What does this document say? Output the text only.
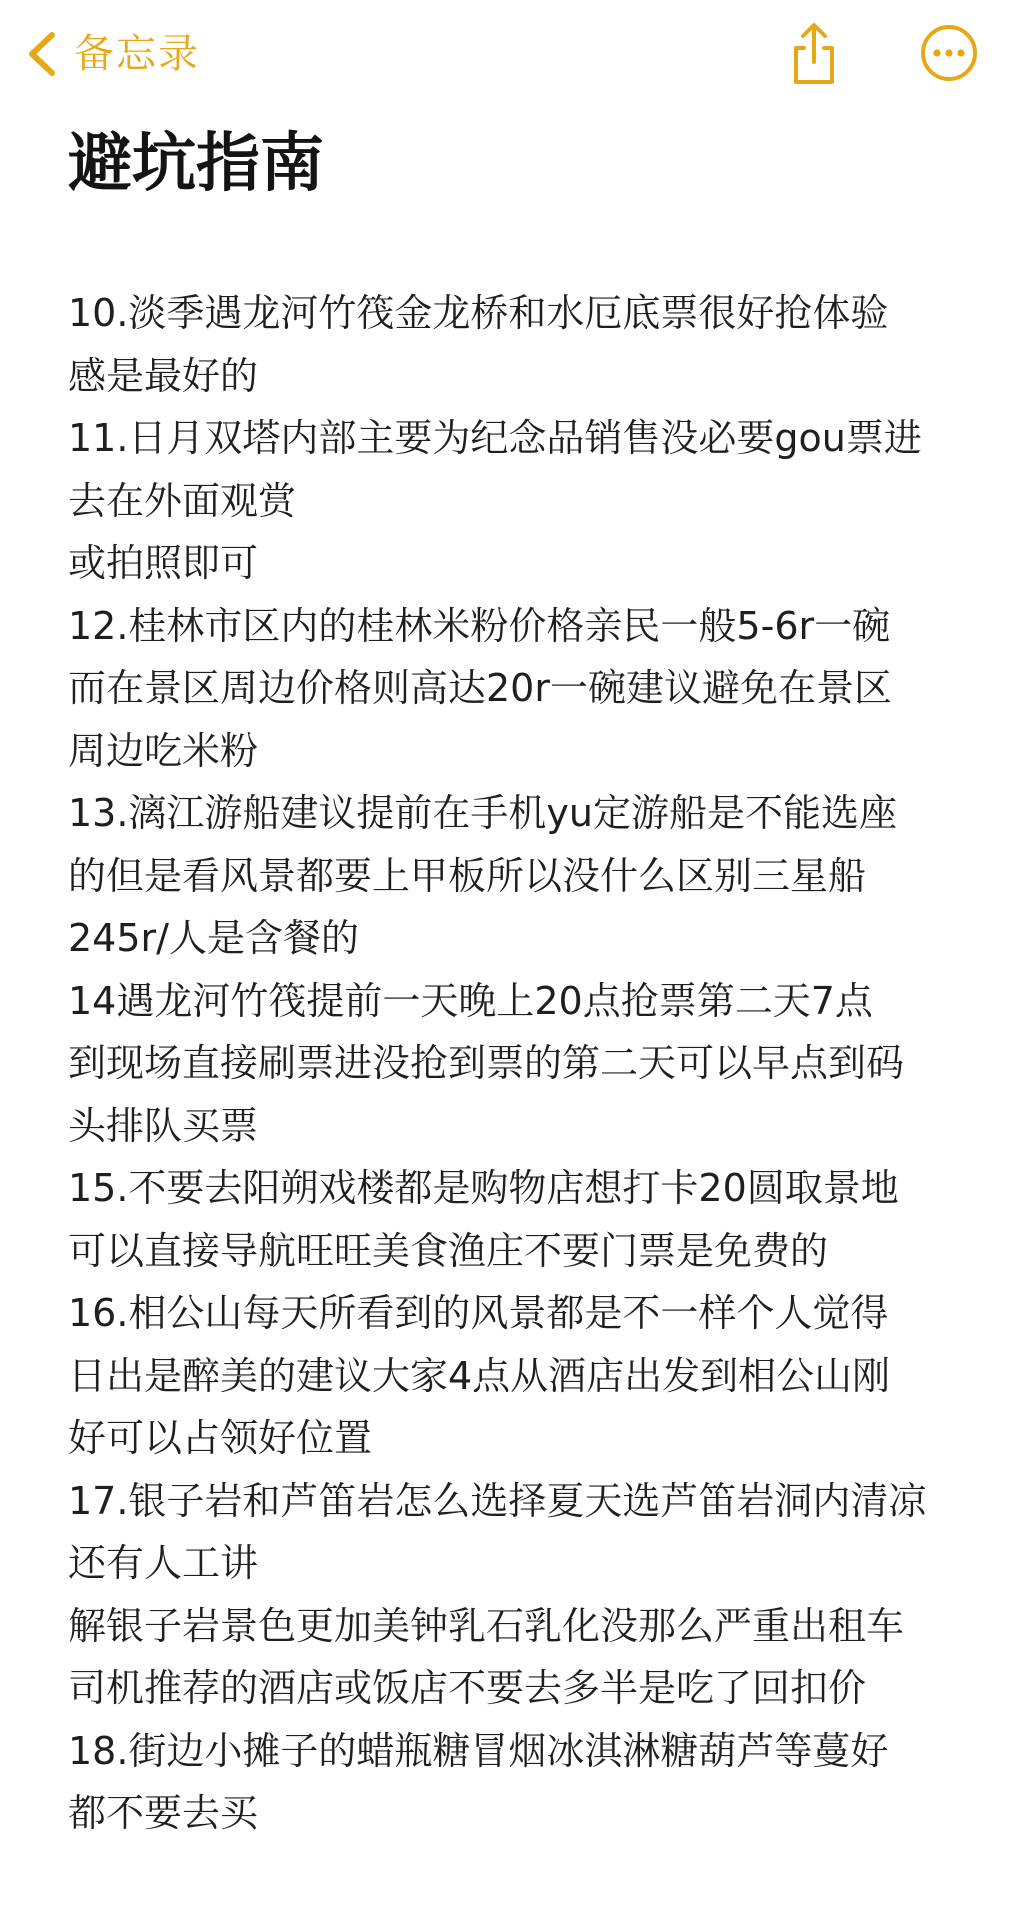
备忘录
避坑指南
10.淡季遇龙河竹筏金龙桥和水厄底票很好抢体验
感是最好的
11.日月双塔内部主要为纪念品销售没必要gou票进
去在外面观赏
或拍照即可
12.桂林市区内的桂林米粉价格亲民一般5-6r一碗
而在景区周边价格则高达20r一碗建议避免在景区
周边吃米粉
13.漓江游船建议提前在手机yu定游船是不能选座
的但是看风景都要上甲板所以没什么区别三星船
245r/人是含餐的
14遇龙河竹筏提前一天晚上20点抢票第二天7点
到现场直接刷票进没抢到票的第二天可以早点到码
头排队买票
15.不要去阳朔戏楼都是购物店想打卡20圆取景地
可以直接导航旺旺美食渔庄不要门票是免费的
16.相公山每天所看到的风景都是不一样个人觉得
日出是醉美的建议大家4点从酒店出发到相公山刚
好可以占领好位置
17.银子岩和芦笛岩怎么选择夏天选芦笛岩洞内清凉
还有人工讲
解银子岩景色更加美钟乳石乳化没那么严重出租车
司机推荐的酒店或饭店不要去多半是吃了回扣价
18.街边小摊子的蜡瓶糖冒烟冰淇淋糖葫芦等蔓好
都不要去买
